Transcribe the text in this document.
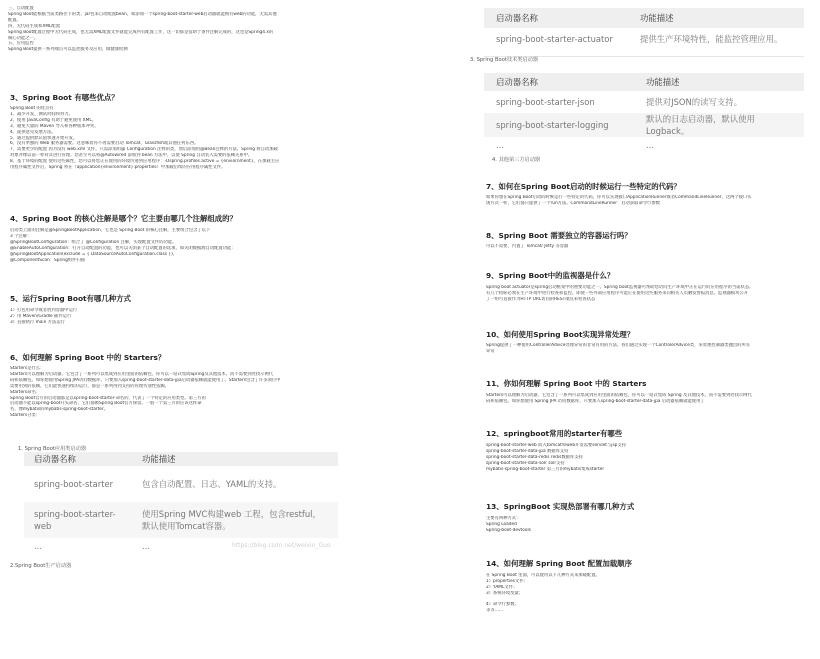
三、自动配置

Spring Boot能根据当前类路径下的类、jar包来自动配置bean，如添加一个spring-boot-starter-web启动器就能拥有web的功能，无需其他

配置。

四、无代码生成和XML配置

Spring Boot配置过程中无代码生成，也无需XML配置文件就能完成所有配置工作，这一切都是借助于条件注解完成的，这也是Spring4.x的

核心功能之一。

五、应用监控

Spring Boot提供一系列端点可以监控服务及应用，做健康检测

3、Spring Boot 有哪些优点？

Spring Boot 的优点有：

1、减少开发，测试时间和努力。

2、使用 JavaConfig 有助于避免使用 XML。

3、避免大量的 Maven 导入和各种版本冲突。

4、提供意见发展方法。

5、通过提供默认值快速开始开发。

6、没有单独的 Web 服务器需要。这意味着你不再需要启动 Tomcat，Glassfish或其他任何东西。

7、需要更少的配置 因为没有 web.xml 文件。只需添加用@ Configuration 注释的类，然后添加用@Bean注释的方法，Spring 将自动加载

对象并像以前一样对其进行管理。您甚至可以将@Autowired 添加到 bean 方法中，以使 Spring 自动装入需要的依赖关系中。

8、基于环境的配置 使用这些属性，您可以将您正在使用的环境传递到应用程序：-Dspring.profiles.active = {enviornment}。在加载主应

用程序属性文件后，Spring 将在（application{environment}.properties）中加载后续的应用程序属性文件。

4、Spring Boot 的核心注解是哪个？它主要由哪几个注解组成的？

启动类上面的注解是@SpringBootApplication，它也是 Spring Boot 的核心注解，主要组合包含了以下

3 个注解：

@SpringBootConfiguration：组合了 @Configuration 注解，实现配置文件的功能。

@EnableAutoConfiguration：打开自动配置的功能，也可以关闭某个自动配置的选项，如关闭数据源自动配置功能：

@SpringBootApplication(exclude = { DataSourceAutoConfiguration.class })。

@ComponentScan：Spring组件扫描

5、运行Spring Boot有哪几种方式

1）打包用命令或者放到容器中运行

2）用 Maven/Gradle 插件运行

3）直接执行 main 方法运行

6、如何理解 Spring Boot 中的 Starters？

Starters是什么：

Starters可以理解为启动器，它包含了一系列可以集成到应用里面的依赖包，你可以一站式集成Spring及其他技术，而不需要到处找示例代

码和依赖包。如你想使用Spring JPA访问数据库，只要加入spring-boot-starter-data-jpa启动器依赖就能使用了。Starters包含了许多项目中

需要用到的依赖，它们能快速持续的运行，都是一系列得到支持的管理传递性依赖。

Starters命名：

Spring Boot官方的启动器都是以spring-boot-starter-命名的，代表了一个特定的应用类型。第三方的

启动器不能以spring-boot开头命名，它们都被Spring Boot官方保留。一般一个第三方的应该这样命

名，像mybatis的mybatis-spring-boot-starter。

Starters分类：

1. Spring Boot应用类启动器

启动器名称	功能描述
spring-boot-starter	包含自动配置、日志、YAML的支持。
spring-boot-starter-web	使用Spring MVC构建web 工程，包含restful，默认使用Tomcat容器。
...	...	https://blog.csdn.net/weixin_Guo

2.Spring Boot生产启动器

启动器名称	功能描述
spring-boot-starter-actuator	提供生产环境特性，能监控管理应用。

3. Spring Boot技术类启动器

启动器名称	功能描述
spring-boot-starter-json	提供对JSON的读写支持。
spring-boot-starter-logging	默认的日志启动器，默认使用Logback。
...	...

4. 其他第三方启动器

7、如何在Spring Boot启动的时候运行一些特定的代码？

如果你想在Spring Boot启动的时候运行一些特定的代码，你可以实现接口ApplicationRunner或者CommandLineRunner，这两个接口实

现方式一样，它们都只提供了一个run方法。CommandLineRunner：启动获取命令行参数

8、Spring Boot 需要独立的容器运行吗？

可以不需要，内置了 Tomcat/ Jetty 等容器

9、Spring Boot中的监视器是什么？

Spring boot actuator是spring启动框架中的重要功能之一。Spring boot监视器可帮助您访问生产环境中正在运行的应用程序的当前状态。

有几个指标必须在生产环境中进行检查和监控。即使一些外部应用程序可能正在使用这些服务来向相关人员触发警报消息。监视器模块公开

了一组可直接作为HTTP URL访问的REST端点来检查状态

10、如何使用Spring Boot实现异常处理？

Spring提供了一种使用ControllerAdvice处理异常的非常有用的方法。我们通过实现一个ControlerAdvice类，来处理控制器类抛出的所有

异常

11、你如何理解 Spring Boot 中的 Starters

Starters可以理解为启动器，它包含了一系列可以集成到应用里面的依赖包，你可以一站式集成 Spring 及其他技术，而不需要到处找示例代

码和依赖包。如你想使用 Spring JPA 访问数据库，只要加入spring-boot-starter-data-jpa 启动器依赖就能使用了

12、springboot常用的starter有哪些

spring-boot-starter-web 嵌入tomcat和web开发需要servlet与jsp支持

spring-boot-starter-data-jpa 数据库支持

spring-boot-starter-data-redis redis数据库支持

spring-boot-starter-data-solr solr支持

mybatis-spring-boot-starter 第三方的mybatis集成starter

13、SpringBoot 实现热部署有哪几种方式

主要有两种方式：

Spring Loaded

Spring-boot-devtools

14、如何理解 Spring Boot 配置加载顺序

在 Spring Boot 里面，可以使用以下几种方式来加载配置。

1）properties文件；

2）YAML文件；

3）系统环境变量；

4）命令行参数；

等等……
